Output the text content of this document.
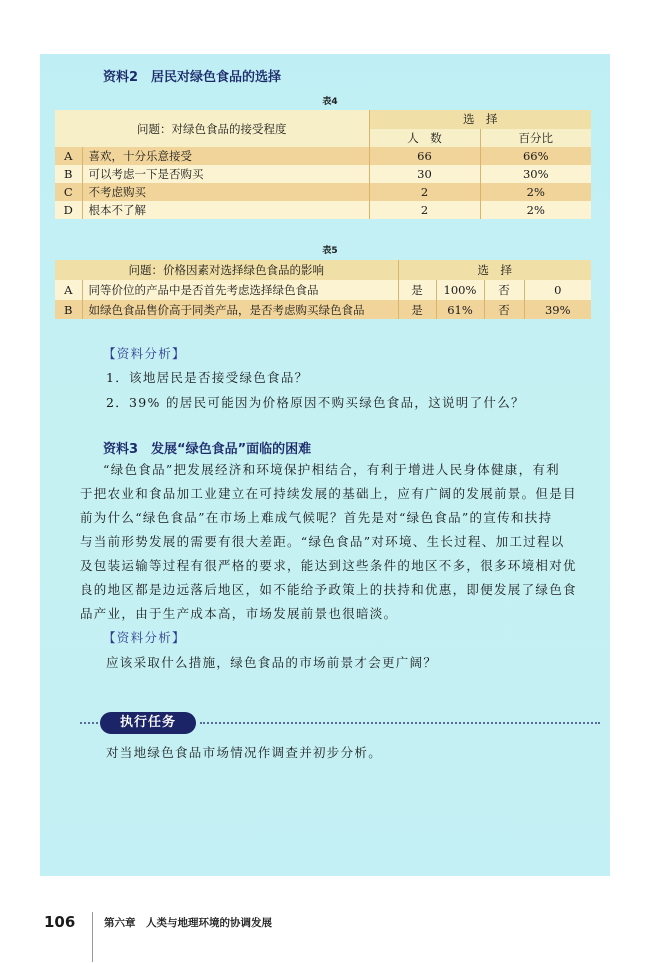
资料2　居民对绿色食品的选择
表4
问题：对绿色食品的接受程度		选　择	
		人　数	百分比
A	喜欢，十分乐意接受	66	66%
B	可以考虑一下是否购买	30	30%
C	不考虑购买	2	2%
D	根本不了解	2	2%
表5
问题：价格因素对选择绿色食品的影响		选　择			
A	同等价位的产品中是否首先考虑选择绿色食品	是	100%	否	0
B	如绿色食品售价高于同类产品，是否考虑购买绿色食品	是	61%	否	39%
【资料分析】
1．该地居民是否接受绿色食品？
2．39% 的居民可能因为价格原因不购买绿色食品，这说明了什么？
资料3　发展“绿色食品”面临的困难
“绿色食品”把发展经济和环境保护相结合，有利于增进人民身体健康，有利
于把农业和食品加工业建立在可持续发展的基础上，应有广阔的发展前景。但是目
前为什么“绿色食品”在市场上难成气候呢？首先是对“绿色食品”的宣传和扶持
与当前形势发展的需要有很大差距。“绿色食品”对环境、生长过程、加工过程以
及包装运输等过程有很严格的要求，能达到这些条件的地区不多，很多环境相对优
良的地区都是边远落后地区，如不能给予政策上的扶持和优惠，即便发展了绿色食
品产业，由于生产成本高，市场发展前景也很暗淡。
【资料分析】
应该采取什么措施，绿色食品的市场前景才会更广阔？
执行任务
对当地绿色食品市场情况作调查并初步分析。
106	第六章　人类与地理环境的协调发展
